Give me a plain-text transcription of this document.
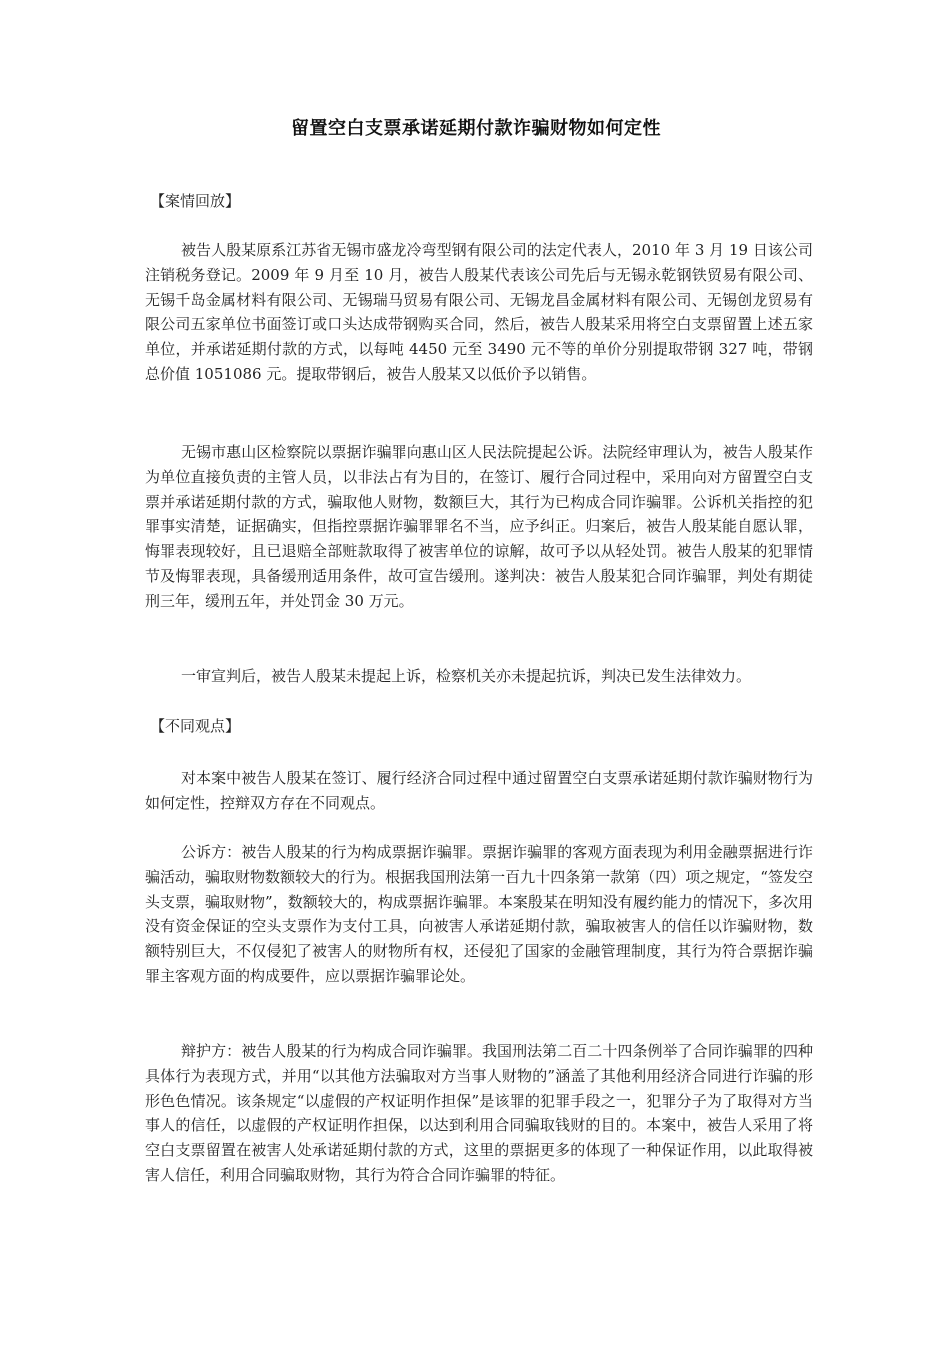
留置空白支票承诺延期付款诈骗财物如何定性
【案情回放】

被告人殷某原系江苏省无锡市盛龙冷弯型钢有限公司的法定代表人，2010 年 3 月 19 日该公司注销税务登记。2009 年 9 月至 10 月，被告人殷某代表该公司先后与无锡永乾钢铁贸易有限公司、无锡千岛金属材料有限公司、无锡瑞马贸易有限公司、无锡龙昌金属材料有限公司、无锡创龙贸易有限公司五家单位书面签订或口头达成带钢购买合同，然后，被告人殷某采用将空白支票留置上述五家单位，并承诺延期付款的方式，以每吨 4450 元至 3490 元不等的单价分别提取带钢 327 吨，带钢总价值 1051086 元。提取带钢后，被告人殷某又以低价予以销售。

无锡市惠山区检察院以票据诈骗罪向惠山区人民法院提起公诉。法院经审理认为，被告人殷某作为单位直接负责的主管人员，以非法占有为目的，在签订、履行合同过程中，采用向对方留置空白支票并承诺延期付款的方式，骗取他人财物，数额巨大，其行为已构成合同诈骗罪。公诉机关指控的犯罪事实清楚，证据确实，但指控票据诈骗罪罪名不当，应予纠正。归案后，被告人殷某能自愿认罪，悔罪表现较好，且已退赔全部赃款取得了被害单位的谅解，故可予以从轻处罚。被告人殷某的犯罪情节及悔罪表现，具备缓刑适用条件，故可宣告缓刑。遂判决：被告人殷某犯合同诈骗罪，判处有期徒刑三年，缓刑五年，并处罚金 30 万元。

一审宣判后，被告人殷某未提起上诉，检察机关亦未提起抗诉，判决已发生法律效力。

【不同观点】

对本案中被告人殷某在签订、履行经济合同过程中通过留置空白支票承诺延期付款诈骗财物行为如何定性，控辩双方存在不同观点。

公诉方：被告人殷某的行为构成票据诈骗罪。票据诈骗罪的客观方面表现为利用金融票据进行诈骗活动，骗取财物数额较大的行为。根据我国刑法第一百九十四条第一款第（四）项之规定，“签发空头支票，骗取财物”，数额较大的，构成票据诈骗罪。本案殷某在明知没有履约能力的情况下，多次用没有资金保证的空头支票作为支付工具，向被害人承诺延期付款，骗取被害人的信任以诈骗财物，数额特别巨大，不仅侵犯了被害人的财物所有权，还侵犯了国家的金融管理制度，其行为符合票据诈骗罪主客观方面的构成要件，应以票据诈骗罪论处。

辩护方：被告人殷某的行为构成合同诈骗罪。我国刑法第二百二十四条例举了合同诈骗罪的四种具体行为表现方式，并用“以其他方法骗取对方当事人财物的”涵盖了其他利用经济合同进行诈骗的形形色色情况。该条规定“以虚假的产权证明作担保”是该罪的犯罪手段之一，犯罪分子为了取得对方当事人的信任，以虚假的产权证明作担保，以达到利用合同骗取钱财的目的。本案中，被告人采用了将空白支票留置在被害人处承诺延期付款的方式，这里的票据更多的体现了一种保证作用，以此取得被害人信任，利用合同骗取财物，其行为符合合同诈骗罪的特征。
